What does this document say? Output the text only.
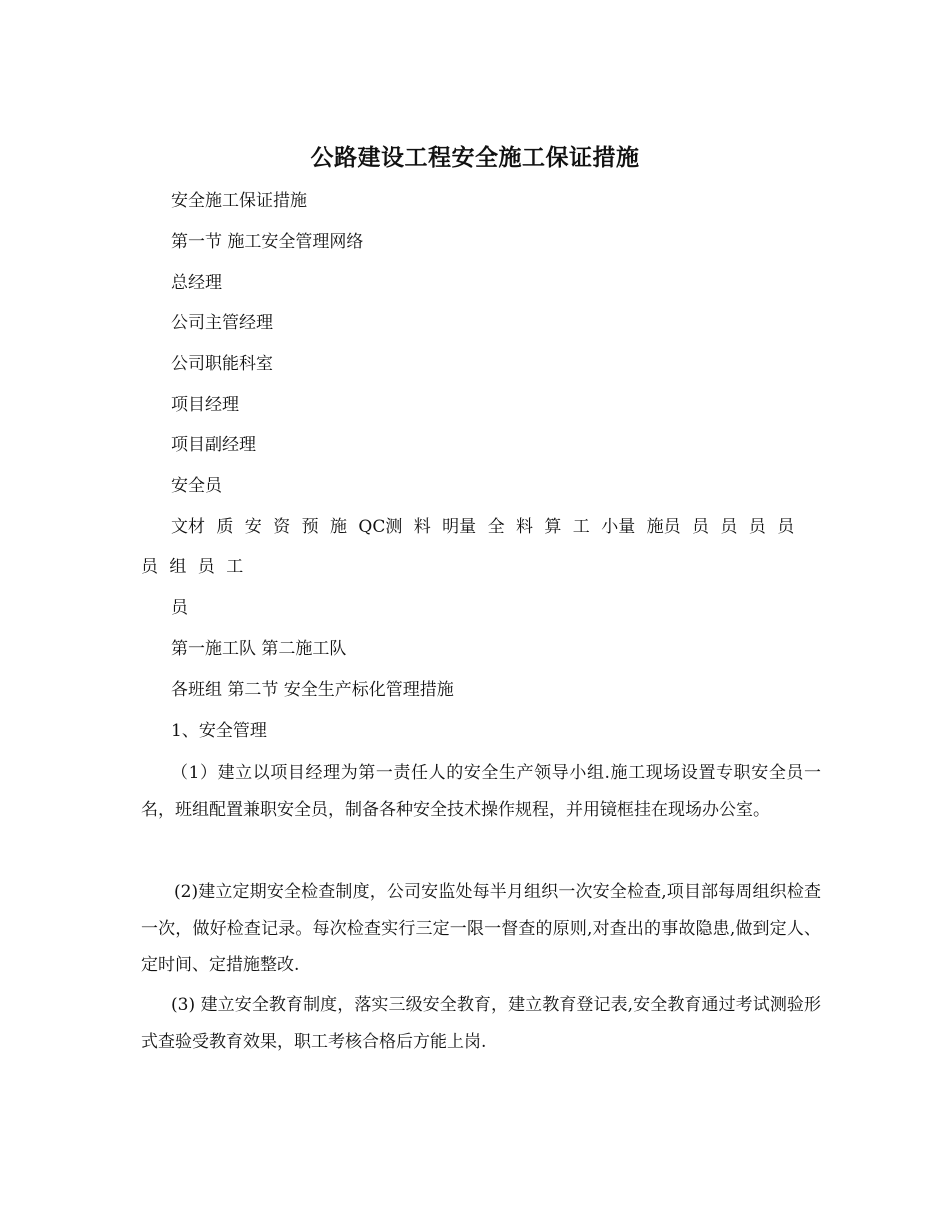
公路建设工程安全施工保证措施
安全施工保证措施
第一节 施工安全管理网络
总经理
公司主管经理
公司职能科室
项目经理
项目副经理
安全员
文材 质 安 资 预 施 QC测 料 明量 全 料 算 工 小量 施员 员 员 员 员
员 组 员 工
员
第一施工队 第二施工队
各班组 第二节 安全生产标化管理措施
1、安全管理
（1）建立以项目经理为第一责任人的安全生产领导小组.施工现场设置专职安全员一名，班组配置兼职安全员，制备各种安全技术操作规程，并用镜框挂在现场办公室。
(2)建立定期安全检查制度，公司安监处每半月组织一次安全检查,项目部每周组织检查一次，做好检查记录。每次检查实行三定一限一督查的原则,对查出的事故隐患,做到定人、定时间、定措施整改.
(3) 建立安全教育制度，落实三级安全教育，建立教育登记表,安全教育通过考试测验形式查验受教育效果，职工考核合格后方能上岗.
